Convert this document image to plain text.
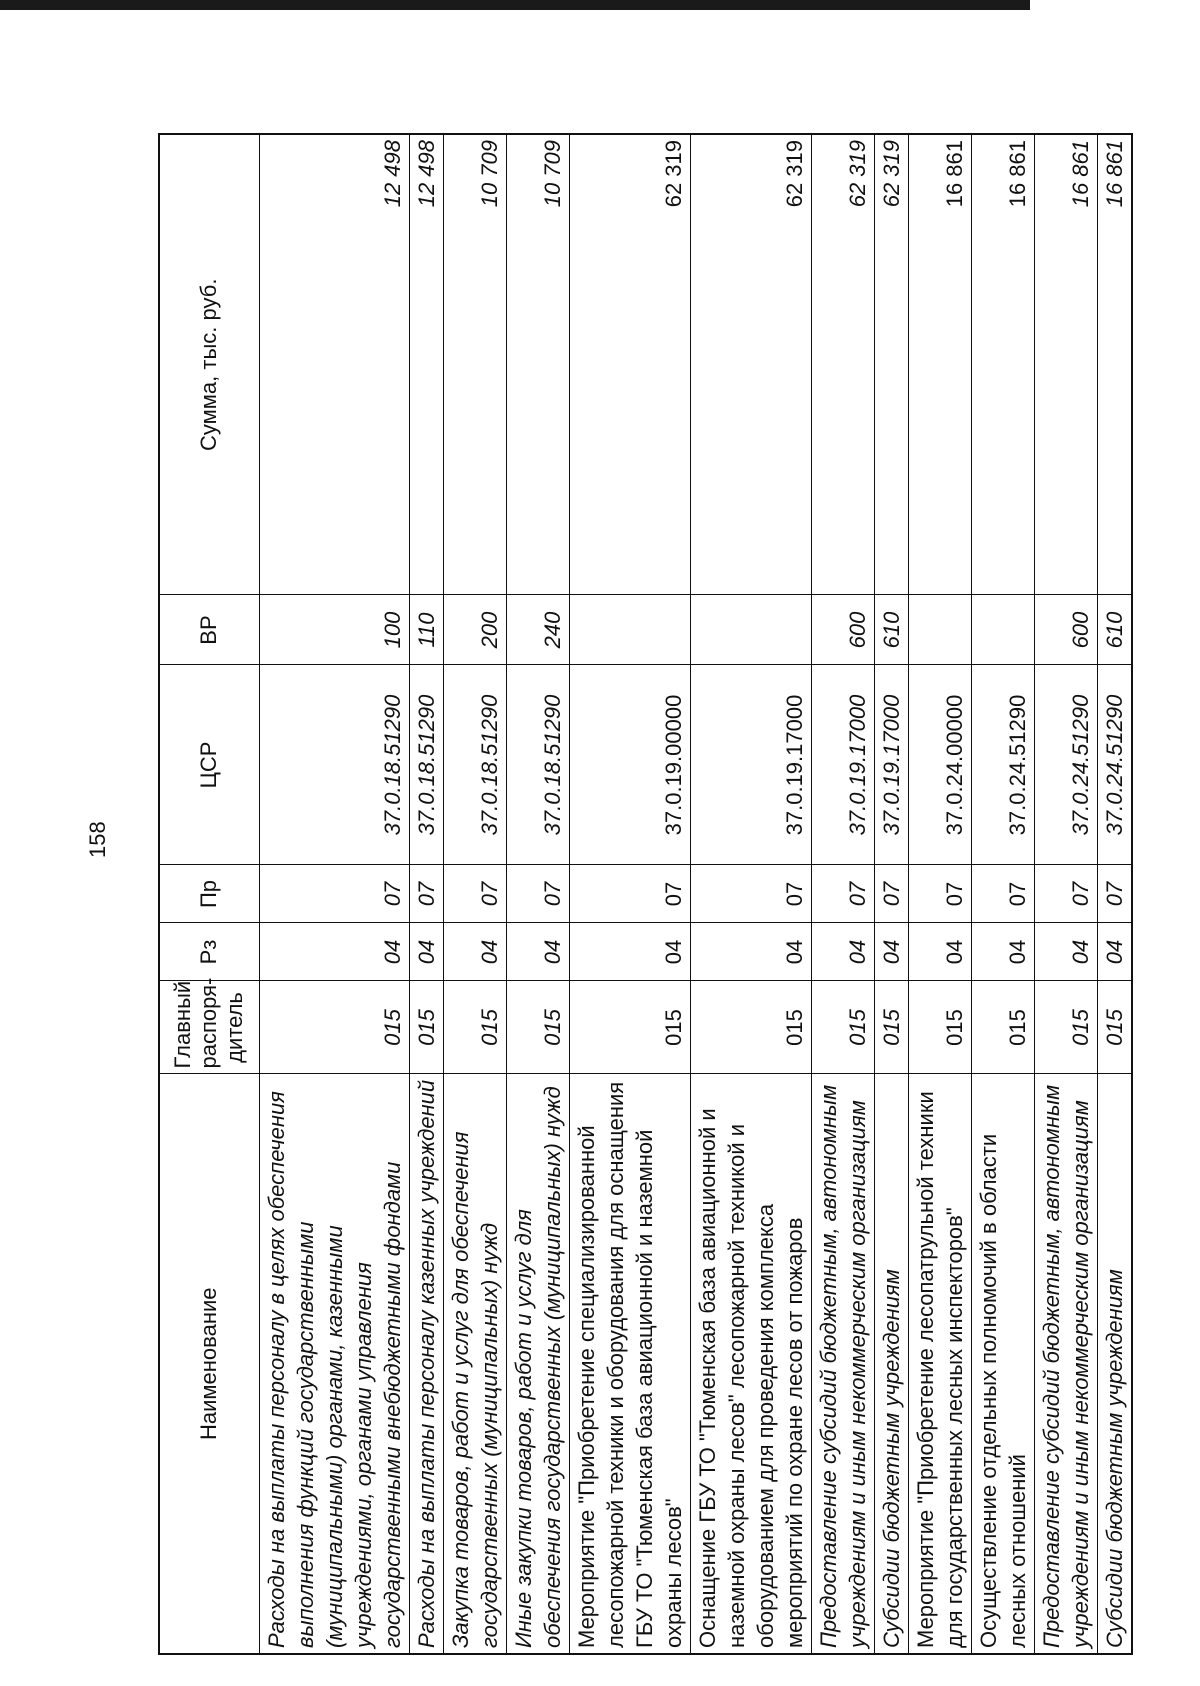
158
Наименование	Главный распоря-дитель	Рз	Пр	ЦСР	ВР	Сумма, тыс. руб.
Расходы на выплаты персоналу в целях обеспечения выполнения функций государственными (муниципальными) органами, казенными учреждениями, органами управления государственными внебюджетными фондами	015	04	07	37.0.18.51290	100	12 498
Расходы на выплаты персоналу казенных учреждений	015	04	07	37.0.18.51290	110	12 498
Закупка товаров, работ и услуг для обеспечения государственных (муниципальных) нужд	015	04	07	37.0.18.51290	200	10 709
Иные закупки товаров, работ и услуг для обеспечения государственных (муниципальных) нужд	015	04	07	37.0.18.51290	240	10 709
Мероприятие "Приобретение специализированной лесопожарной техники и оборудования для оснащения ГБУ ТО "Тюменская база авиационной и наземной охраны лесов"	015	04	07	37.0.19.00000		62 319
Оснащение ГБУ ТО "Тюменская база авиационной и наземной охраны лесов" лесопожарной техникой и оборудованием для проведения комплекса мероприятий по охране лесов от пожаров	015	04	07	37.0.19.17000		62 319
Предоставление субсидий бюджетным, автономным учреждениям и иным некоммерческим организациям	015	04	07	37.0.19.17000	600	62 319
Субсидии бюджетным учреждениям	015	04	07	37.0.19.17000	610	62 319
Мероприятие "Приобретение лесопатрульной техники для государственных лесных инспекторов"	015	04	07	37.0.24.00000		16 861
Осуществление отдельных полномочий в области лесных отношений	015	04	07	37.0.24.51290		16 861
Предоставление субсидий бюджетным, автономным учреждениям и иным некоммерческим организациям	015	04	07	37.0.24.51290	600	16 861
Субсидии бюджетным учреждениям	015	04	07	37.0.24.51290	610	16 861
